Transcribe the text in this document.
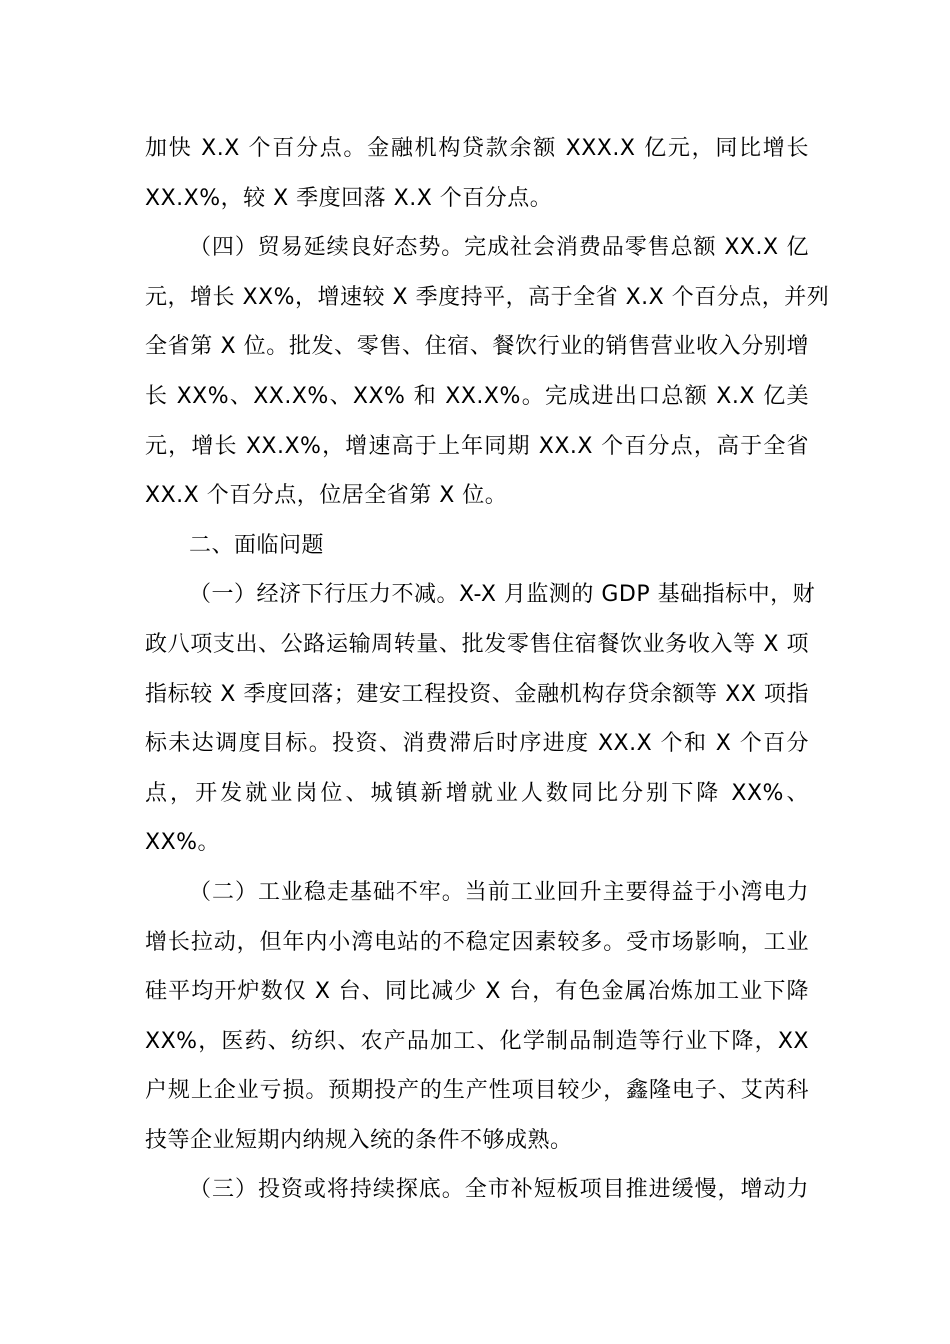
加快 X.X 个百分点。金融机构贷款余额 XXX.X 亿元，同比增长
XX.X%，较 X 季度回落 X.X 个百分点。
（四）贸易延续良好态势。完成社会消费品零售总额 XX.X 亿
元，增长 XX%，增速较 X 季度持平，高于全省 X.X 个百分点，并列
全省第 X 位。批发、零售、住宿、餐饮行业的销售营业收入分别增
长 XX%、XX.X%、XX% 和 XX.X%。完成进出口总额 X.X 亿美
元，增长 XX.X%，增速高于上年同期 XX.X 个百分点，高于全省
XX.X 个百分点，位居全省第 X 位。
二、面临问题
（一）经济下行压力不减。X-X 月监测的 GDP 基础指标中，财
政八项支出、公路运输周转量、批发零售住宿餐饮业务收入等 X 项
指标较 X 季度回落；建安工程投资、金融机构存贷余额等 XX 项指
标未达调度目标。投资、消费滞后时序进度 XX.X 个和 X 个百分
点，开发就业岗位、城镇新增就业人数同比分别下降 XX%、
XX%。
（二）工业稳走基础不牢。当前工业回升主要得益于小湾电力
增长拉动，但年内小湾电站的不稳定因素较多。受市场影响，工业
硅平均开炉数仅 X 台、同比减少 X 台，有色金属冶炼加工业下降
XX%，医药、纺织、农产品加工、化学制品制造等行业下降，XX
户规上企业亏损。预期投产的生产性项目较少，鑫隆电子、艾芮科
技等企业短期内纳规入统的条件不够成熟。
（三）投资或将持续探底。全市补短板项目推进缓慢，增动力
